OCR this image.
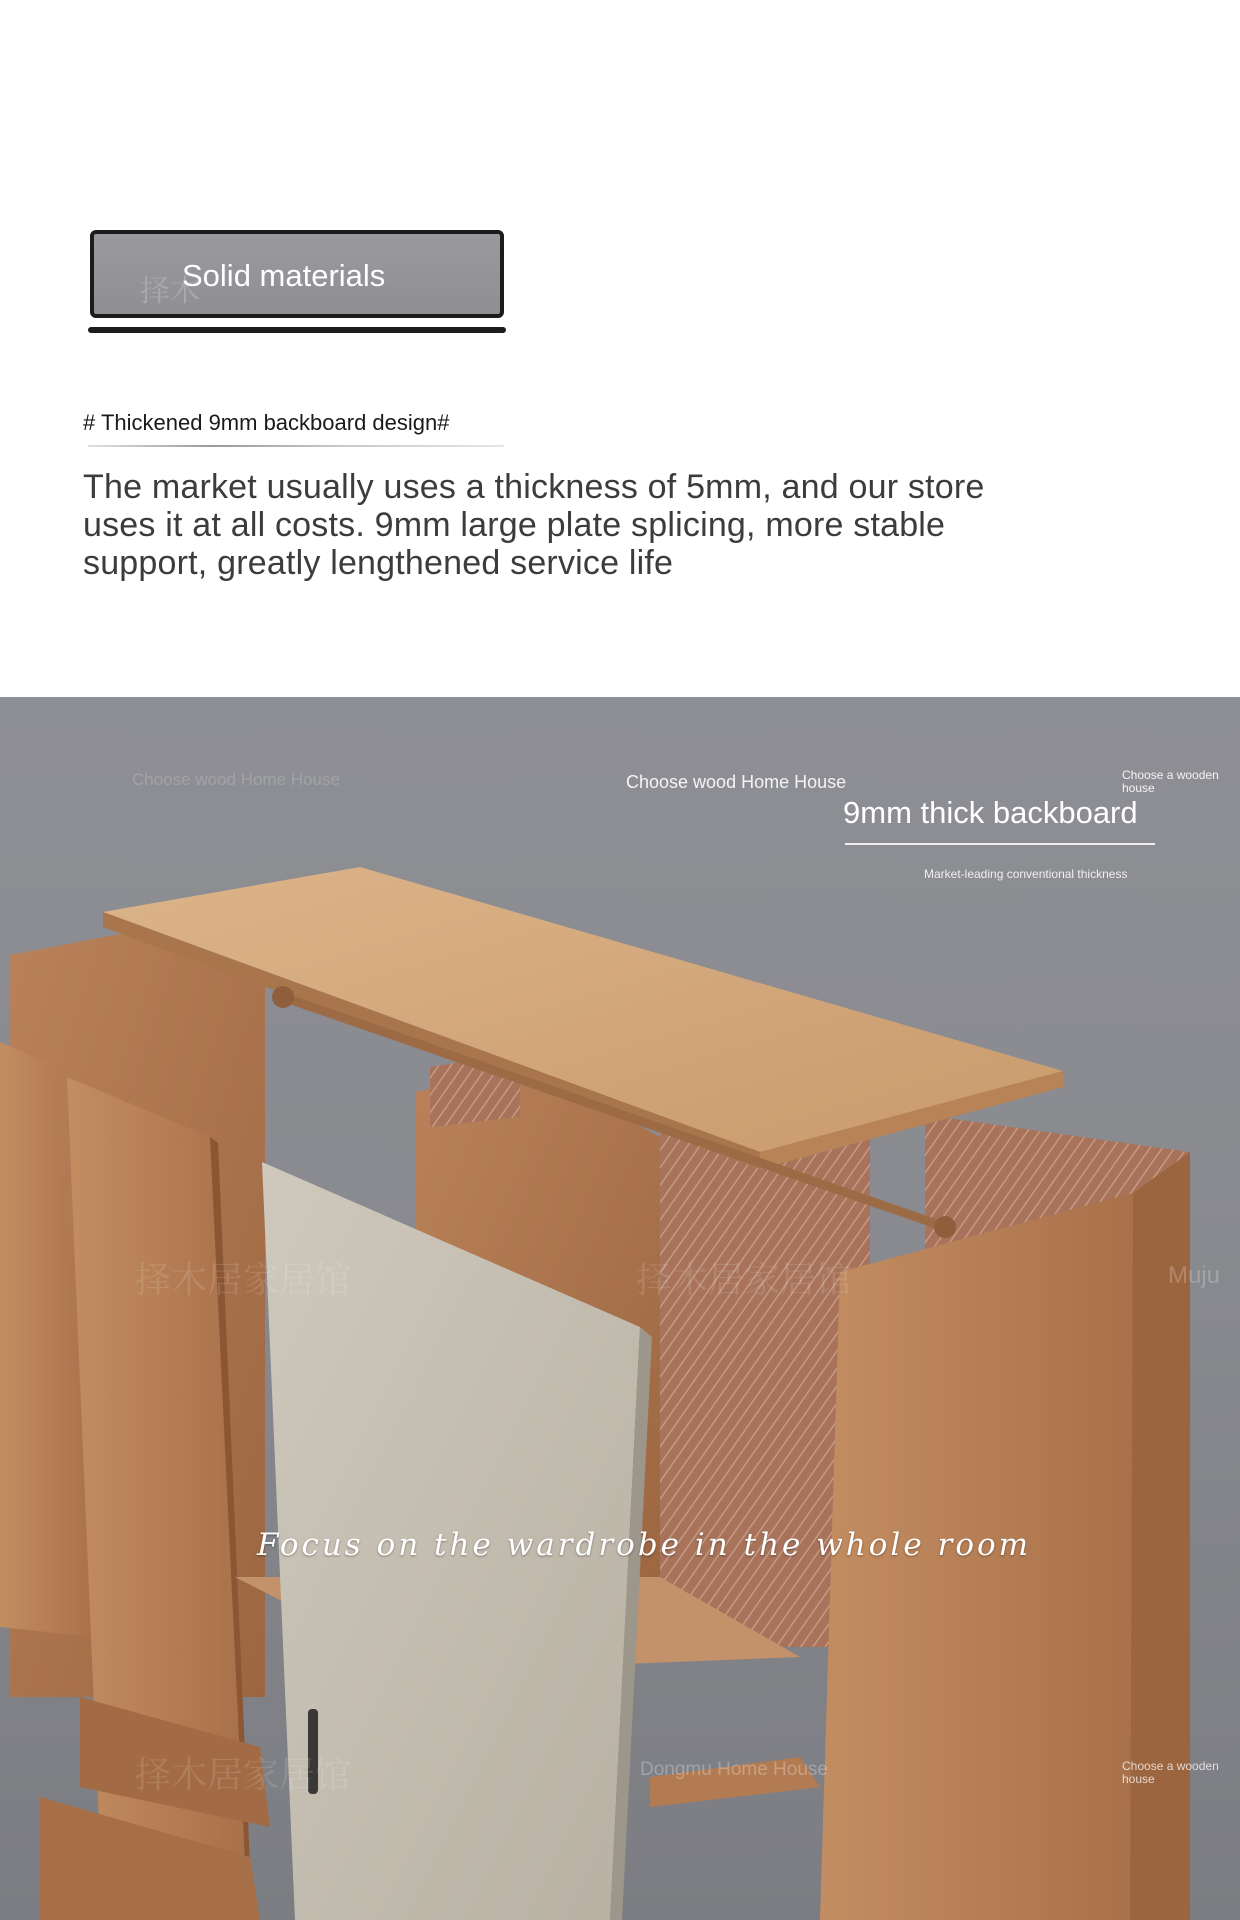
择木
Solid materials
# Thickened 9mm backboard design#
The market usually uses a thickness of 5mm, and our store uses it at all costs. 9mm large plate splicing, more stable support, greatly lengthened service life
Choose wood Home House	Choose wood Home House	Choose a wooden house
9mm thick backboard
Market-leading conventional thickness
择木居家居馆	择木居家居馆
择木居家居馆
Muju
Focus on the wardrobe in the whole room
Dongmu Home House	Choose a wooden house
